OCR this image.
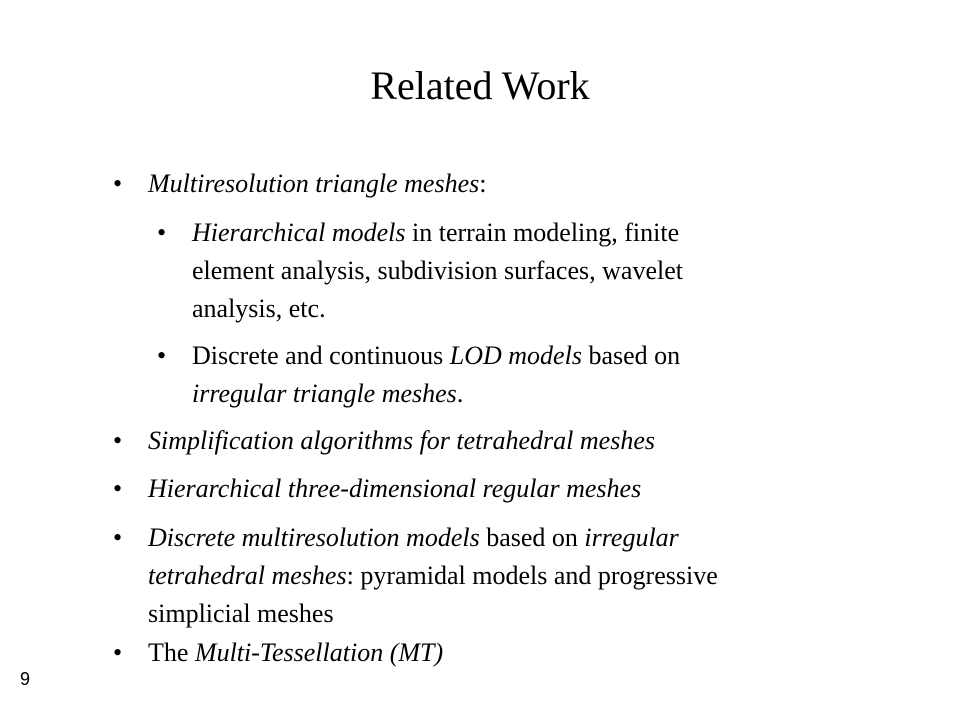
Related Work
• Multiresolution triangle meshes:
• Hierarchical models in terrain modeling, finite
element analysis, subdivision surfaces, wavelet
analysis, etc.
• Discrete and continuous LOD models based on
irregular triangle meshes.
• Simplification algorithms for tetrahedral meshes
• Hierarchical three-dimensional regular meshes
• Discrete multiresolution models based on irregular
tetrahedral meshes: pyramidal models and progressive
simplicial meshes
• The Multi-Tessellation (MT)
9
